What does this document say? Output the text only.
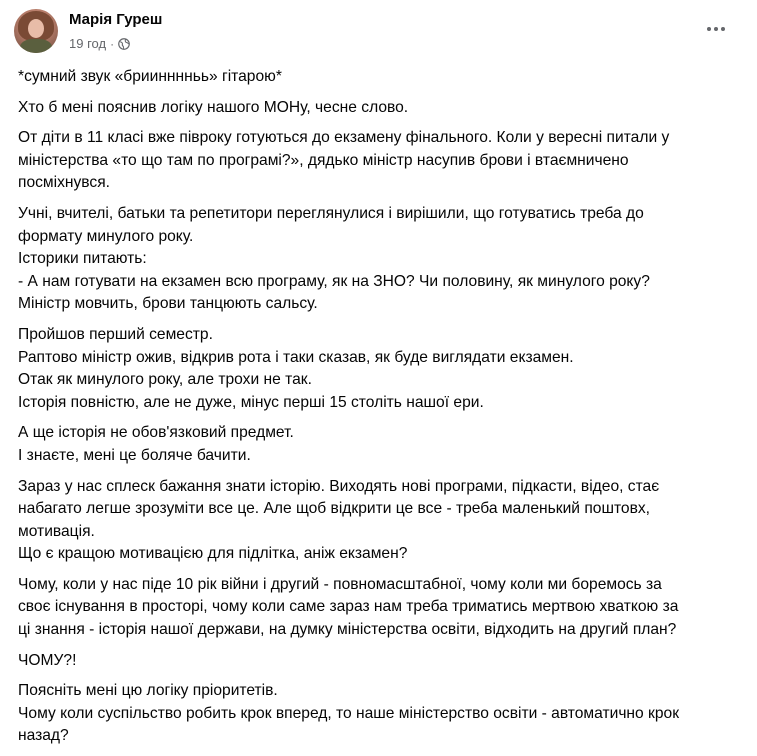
Марія Гуреш
19 год ·
*сумний звук «бриинннньь» гітарою*
Хто б мені пояснив логіку нашого МОНу, чесне слово.
От діти в 11 класі вже півроку готуються до екзамену фінального. Коли у вересні питали у
міністерства «то що там по програмі?», дядько міністр насупив брови і втаємничено
посміхнувся.
Учні, вчителі, батьки та репетитори переглянулися і вирішили, що готуватись треба до
формату минулого року.
Історики питають:
- А нам готувати на екзамен всю програму, як на ЗНО? Чи половину, як минулого року?
Міністр мовчить, брови танцюють сальсу.
Пройшов перший семестр.
Раптово міністр ожив, відкрив рота і таки сказав, як буде виглядати екзамен.
Отак як минулого року, але трохи не так.
Історія повністю, але не дуже, мінус перші 15 століть нашої ери.
А ще історія не обов'язковий предмет.
І знаєте, мені це боляче бачити.
Зараз у нас сплеск бажання знати історію. Виходять нові програми, підкасти, відео, стає
набагато легше зрозуміти все це. Але щоб відкрити це все - треба маленький поштовх,
мотивація.
Що є кращою мотивацією для підлітка, аніж екзамен?
Чому, коли у нас піде 10 рік війни і другий - повномасштабної, чому коли ми боремось за
своє існування в просторі, чому коли саме зараз нам треба триматись мертвою хваткою за
ці знання - історія нашої держави, на думку міністерства освіти, відходить на другий план?
ЧОМУ?!
Поясніть мені цю логіку пріоритетів.
Чому коли суспільство робить крок вперед, то наше міністерство освіти - автоматично крок
назад?
